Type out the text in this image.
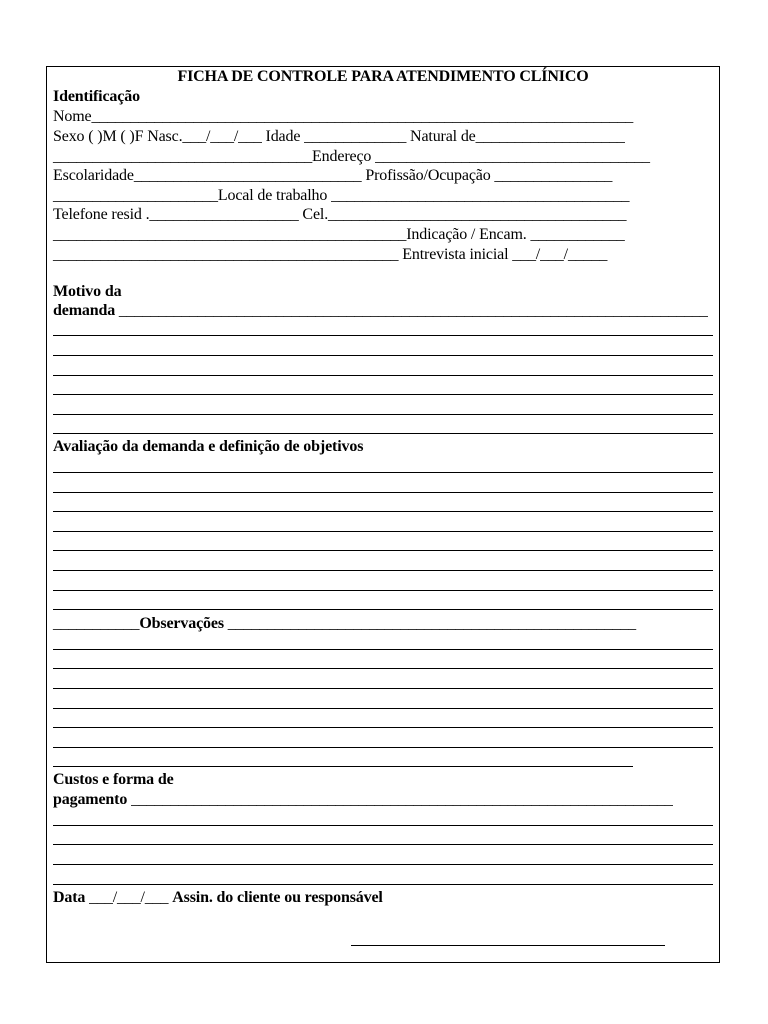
FICHA DE CONTROLE PARA ATENDIMENTO CLÍNICO

Identificação

Nome_____________________________________________________________________

Sexo ( )M ( )F Nasc.___/___/___ Idade _____________ Natural de___________________

_________________________________Endereço ___________________________________

Escolaridade_____________________________ Profissão/Ocupação _______________

_____________________Local de trabalho ______________________________________

Telefone resid .___________________ Cel.______________________________________

_____________________________________________Indicação / Encam. ____________

____________________________________________ Entrevista inicial ___/___/_____

Motivo da

demanda ___________________________________________________________________________

Avaliação da demanda e definição de objetivos

___________Observações ____________________________________________________

Custos e forma de

pagamento _____________________________________________________________________

Data ___/___/___ Assin. do cliente ou responsável
